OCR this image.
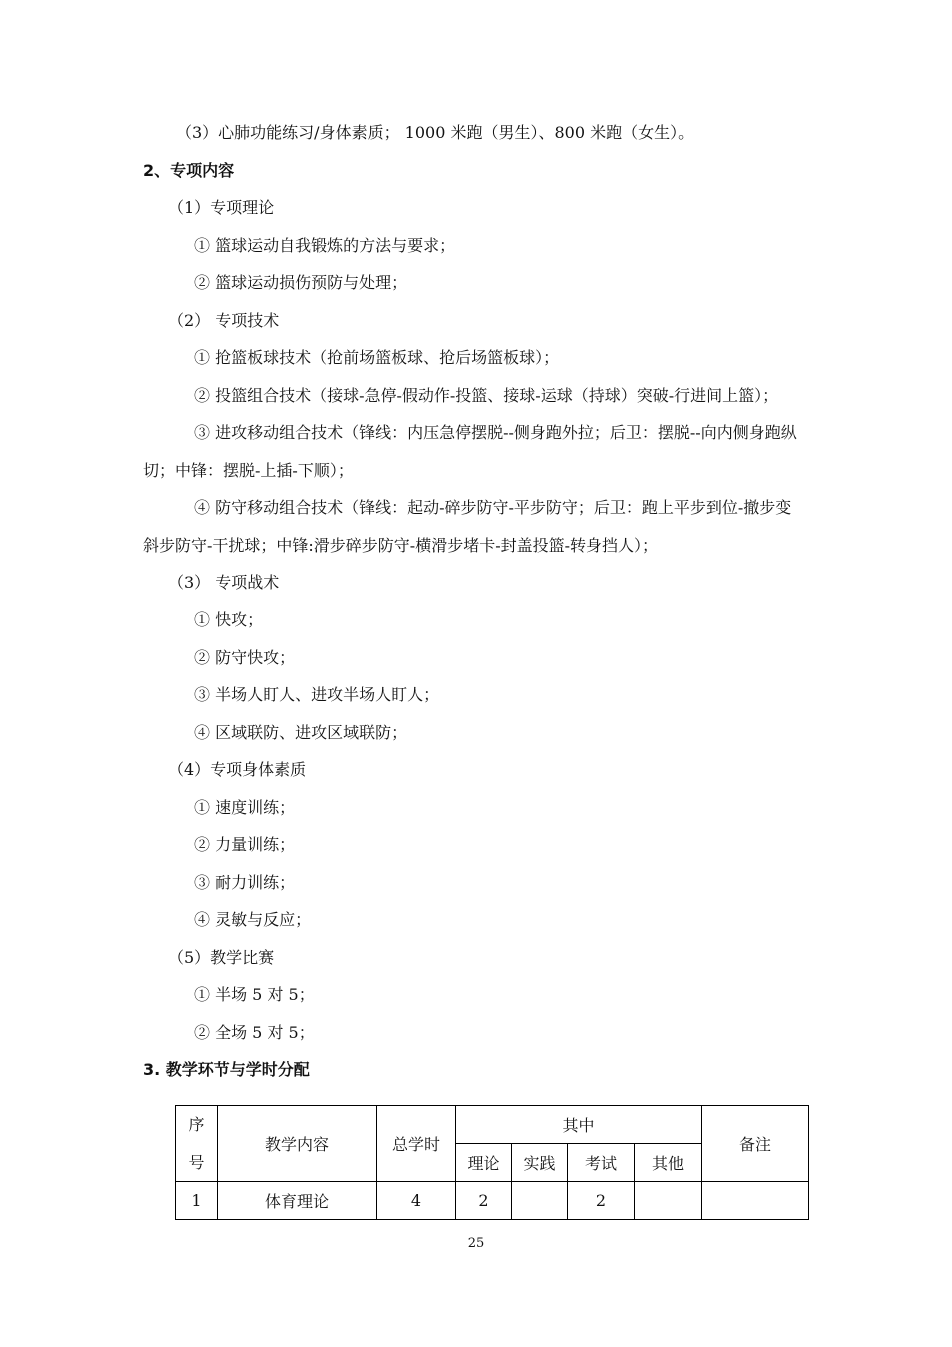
（3）心肺功能练习/身体素质； 1000 米跑（男生）、800 米跑（女生）。
2、专项内容
（1）专项理论
① 篮球运动自我锻炼的方法与要求；
② 篮球运动损伤预防与处理；
（2） 专项技术
① 抢篮板球技术（抢前场篮板球、抢后场篮板球）；
② 投篮组合技术（接球-急停-假动作-投篮、接球-运球（持球）突破-行进间上篮）；
③ 进攻移动组合技术（锋线：内压急停摆脱--侧身跑外拉；后卫：摆脱--向内侧身跑纵
切；中锋：摆脱-上插-下顺）；
④ 防守移动组合技术（锋线：起动-碎步防守-平步防守；后卫：跑上平步到位-撤步变
斜步防守-干扰球；中锋:滑步碎步防守-横滑步堵卡-封盖投篮-转身挡人）；
（3） 专项战术
① 快攻；
② 防守快攻；
③ 半场人盯人、进攻半场人盯人；
④ 区域联防、进攻区域联防；
（4）专项身体素质
① 速度训练；
② 力量训练；
③ 耐力训练；
④ 灵敏与反应；
（5）教学比赛
① 半场 5 对 5；
② 全场 5 对 5；
3. 教学环节与学时分配
序
号	教学内容	总学时	其中				备注
			理论	实践	考试	其他	
1	体育理论	4	2		2		
25
